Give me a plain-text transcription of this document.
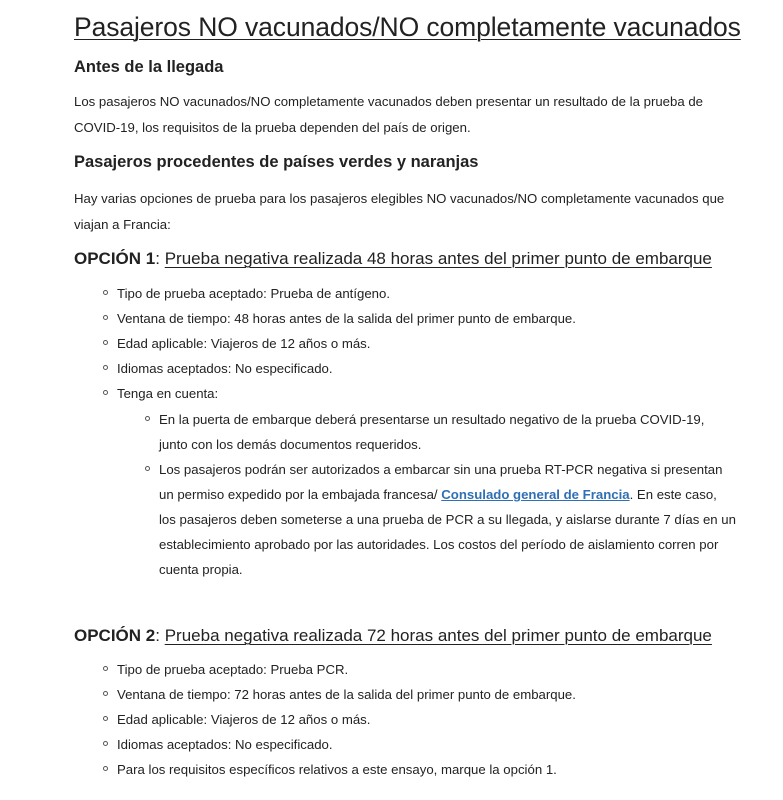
Pasajeros NO vacunados/NO completamente vacunados
Antes de la llegada

Los pasajeros NO vacunados/NO completamente vacunados deben presentar un resultado de la prueba de
COVID-19, los requisitos de la prueba dependen del país de origen.

Pasajeros procedentes de países verdes y naranjas

Hay varias opciones de prueba para los pasajeros elegibles NO vacunados/NO completamente vacunados que
viajan a Francia:

OPCIÓN 1: Prueba negativa realizada 48 horas antes del primer punto de embarque
Tipo de prueba aceptado: Prueba de antígeno.
Ventana de tiempo: 48 horas antes de la salida del primer punto de embarque.
Edad aplicable: Viajeros de 12 años o más.
Idiomas aceptados: No especificado.
Tenga en cuenta:
En la puerta de embarque deberá presentarse un resultado negativo de la prueba COVID-19,
junto con los demás documentos requeridos.
Los pasajeros podrán ser autorizados a embarcar sin una prueba RT-PCR negativa si presentan
un permiso expedido por la embajada francesa/ Consulado general de Francia. En este caso,
los pasajeros deben someterse a una prueba de PCR a su llegada, y aislarse durante 7 días en un
establecimiento aprobado por las autoridades. Los costos del período de aislamiento corren por
cuenta propia.
OPCIÓN 2: Prueba negativa realizada 72 horas antes del primer punto de embarque
Tipo de prueba aceptado: Prueba PCR.
Ventana de tiempo: 72 horas antes de la salida del primer punto de embarque.
Edad aplicable: Viajeros de 12 años o más.
Idiomas aceptados: No especificado.
Para los requisitos específicos relativos a este ensayo, marque la opción 1.
